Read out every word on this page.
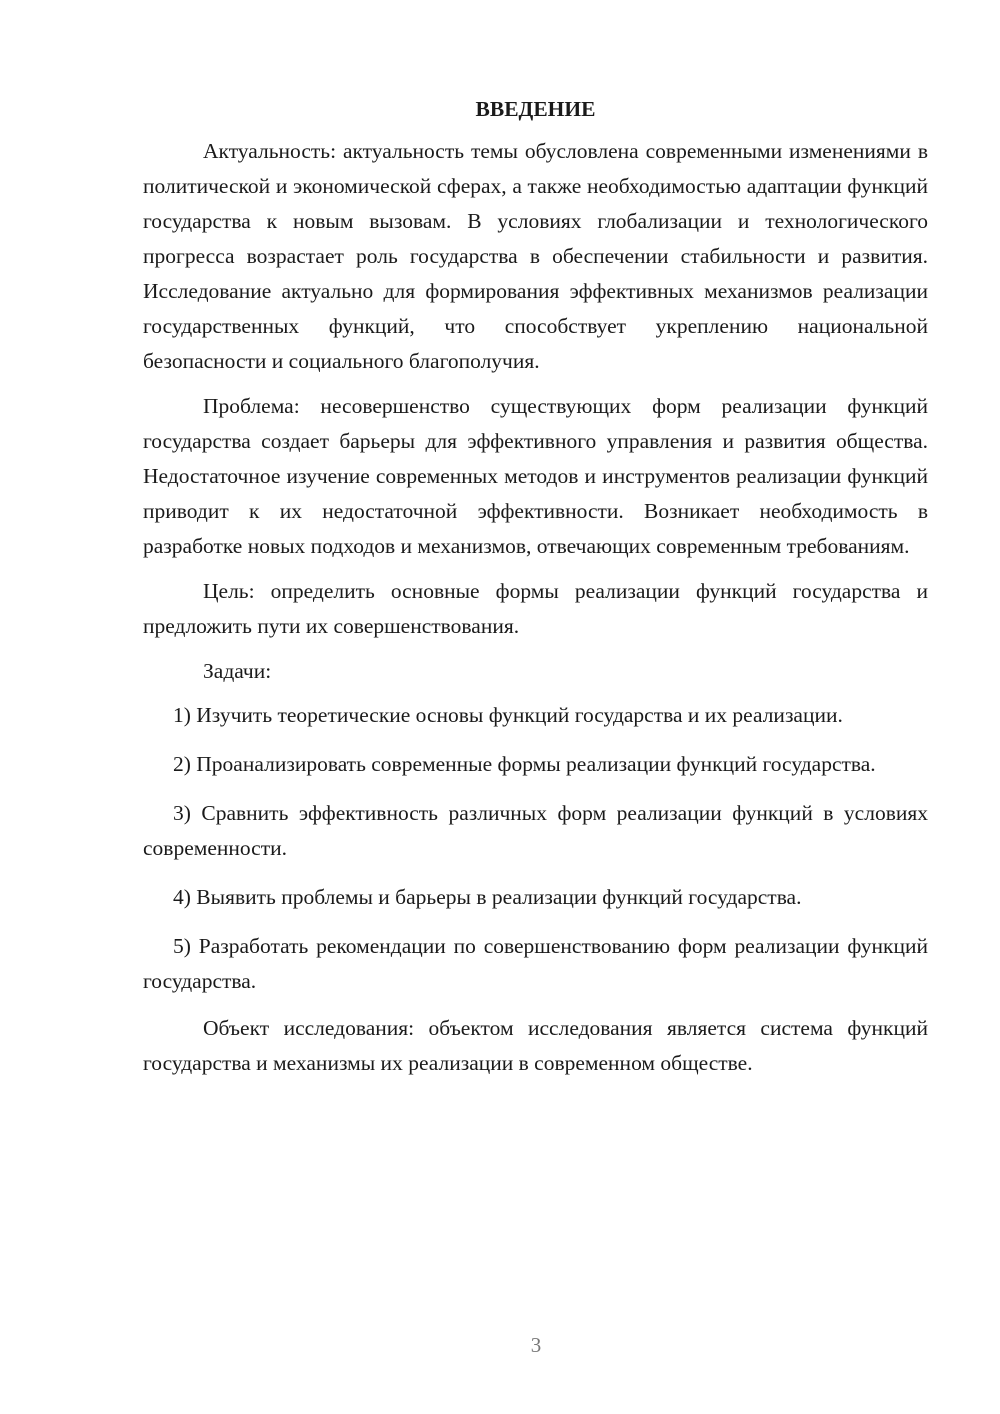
ВВЕДЕНИЕ

Актуальность: актуальность темы обусловлена современными изменениями в политической и экономической сферах, а также необходимостью адаптации функций государства к новым вызовам. В условиях глобализации и технологического прогресса возрастает роль государства в обеспечении стабильности и развития. Исследование актуально для формирования эффективных механизмов реализации государственных функций, что способствует укреплению национальной безопасности и социального благополучия.

Проблема: несовершенство существующих форм реализации функций государства создает барьеры для эффективного управления и развития общества. Недостаточное изучение современных методов и инструментов реализации функций приводит к их недостаточной эффективности. Возникает необходимость в разработке новых подходов и механизмов, отвечающих современным требованиям.

Цель: определить основные формы реализации функций государства и предложить пути их совершенствования.

Задачи:

1) Изучить теоретические основы функций государства и их реализации.

2) Проанализировать современные формы реализации функций государства.

3) Сравнить эффективность различных форм реализации функций в условиях современности.

4) Выявить проблемы и барьеры в реализации функций государства.

5) Разработать рекомендации по совершенствованию форм реализации функций государства.

Объект исследования: объектом исследования является система функций государства и механизмы их реализации в современном обществе.

3
